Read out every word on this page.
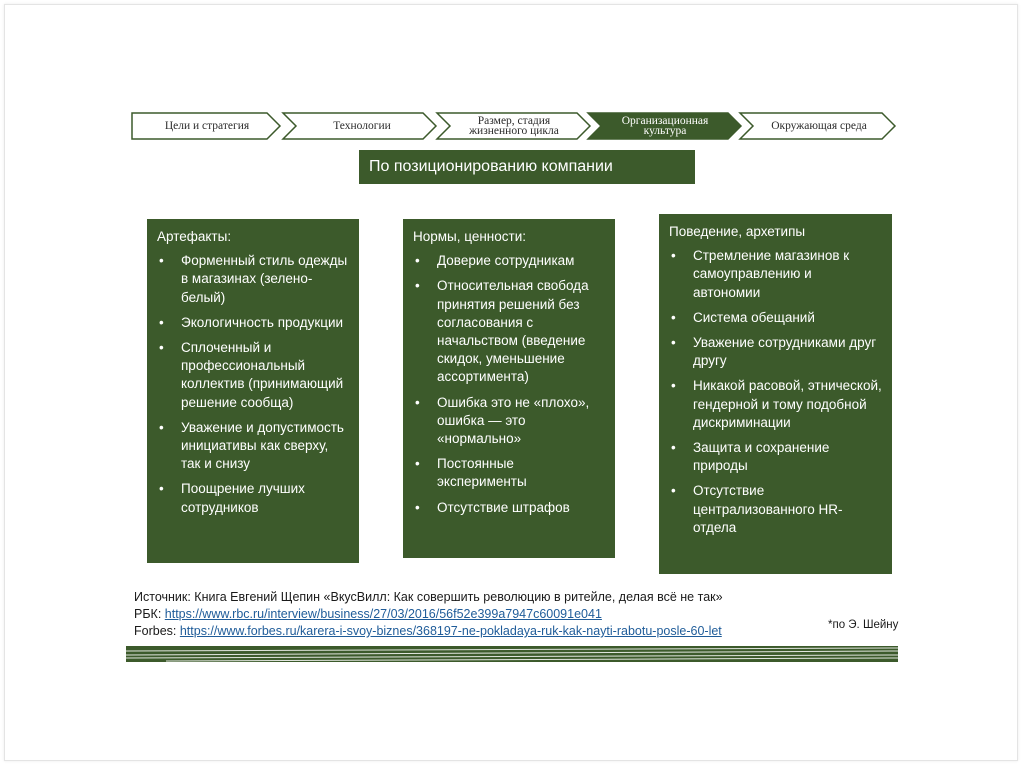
Цели и стратегия	Технологии	Размер, стадия жизненного цикла
Организационная культура	Окружающая среда
По позиционированию компании
Артефакты:
• Форменный стиль одежды в магазинах (зелено-белый)
• Экологичность продукции
• Сплоченный и профессиональный коллектив (принимающий решение сообща)
• Уважение и допустимость инициативы как сверху, так и снизу
• Поощрение лучших сотрудников
Нормы, ценности:
• Доверие сотрудникам
• Относительная свобода принятия решений без согласования с начальством (введение скидок, уменьшение ассортимента)
• Ошибка это не «плохо», ошибка — это «нормально»
• Постоянные эксперименты
• Отсутствие штрафов
Поведение, архетипы
• Стремление магазинов к самоуправлению и автономии
• Система обещаний
• Уважение сотрудниками друг другу
• Никакой расовой, этнической, гендерной и тому подобной дискриминации
• Защита и сохранение природы
• Отсутствие централизованного HR-отдела
Источник: Книга Евгений Щепин «ВкусВилл: Как совершить революцию в ритейле, делая всё не так»
РБК: https://www.rbc.ru/interview/business/27/03/2016/56f52e399a7947c60091e041
Forbes: https://www.forbes.ru/karera-i-svoy-biznes/368197-ne-pokladaya-ruk-kak-nayti-rabotu-posle-60-let	*по Э. Шейну
